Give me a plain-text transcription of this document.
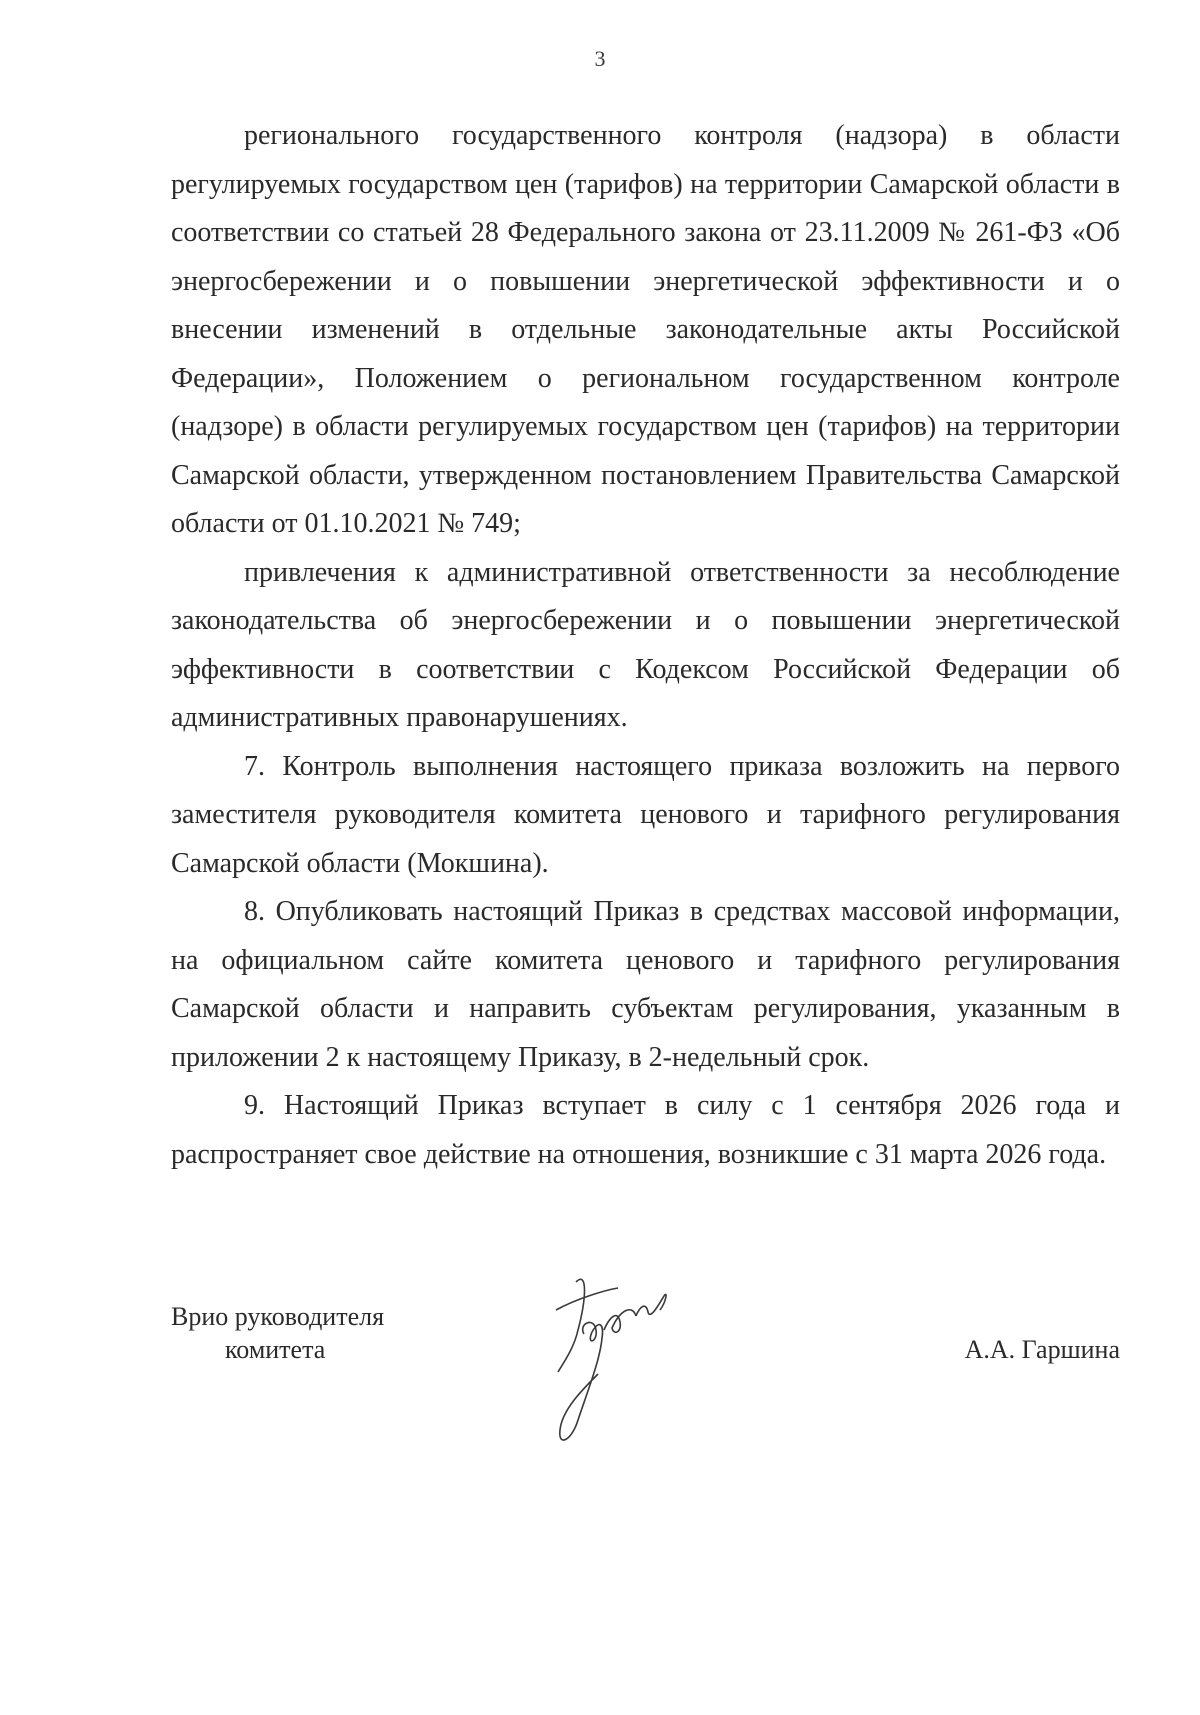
3

регионального государственного контроля (надзора) в области регулируемых государством цен (тарифов) на территории Самарской области в соответствии со статьей 28 Федерального закона от 23.11.2009 № 261-ФЗ «Об энергосбережении и о повышении энергетической эффективности и о внесении изменений в отдельные законодательные акты Российской Федерации», Положением о региональном государственном контроле (надзоре) в области регулируемых государством цен (тарифов) на территории Самарской области, утвержденном постановлением Правительства Самарской области от 01.10.2021 № 749;

привлечения к административной ответственности за несоблюдение законодательства об энергосбережении и о повышении энергетической эффективности в соответствии с Кодексом Российской Федерации об административных правонарушениях.

7. Контроль выполнения настоящего приказа возложить на первого заместителя руководителя комитета ценового и тарифного регулирования Самарской области (Мокшина).

8. Опубликовать настоящий Приказ в средствах массовой информации, на официальном сайте комитета ценового и тарифного регулирования Самарской области и направить субъектам регулирования, указанным в приложении 2 к настоящему Приказу, в 2-недельный срок.

9. Настоящий Приказ вступает в силу с 1 сентября 2026 года и распространяет свое действие на отношения, возникшие с 31 марта 2026 года.

Врио руководителя
комитета	А.А. Гаршина
